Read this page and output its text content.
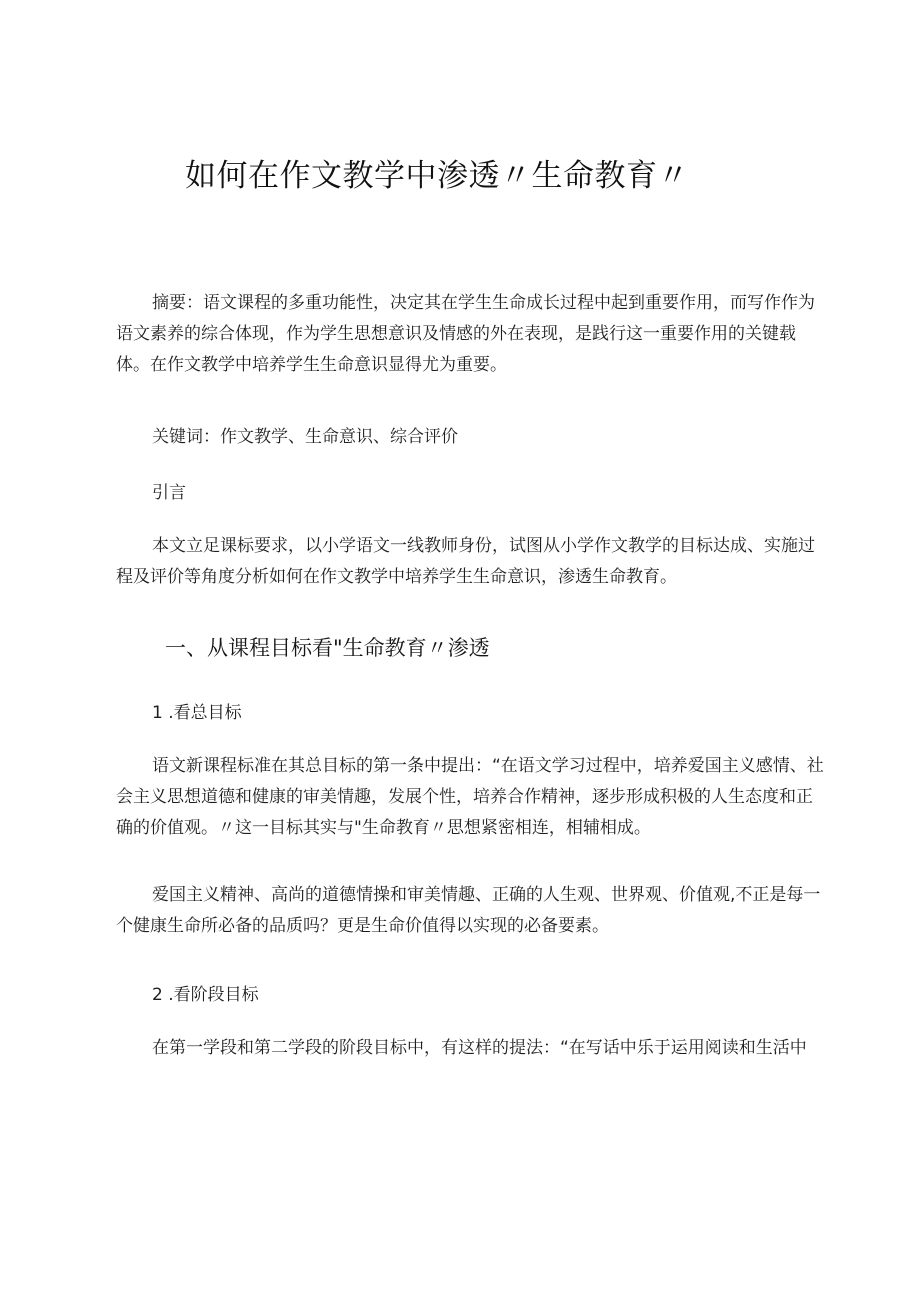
如何在作文教学中渗透〃生命教育〃

摘要：语文课程的多重功能性，决定其在学生生命成长过程中起到重要作用，而写作作为语文素养的综合体现，作为学生思想意识及情感的外在表现，是践行这一重要作用的关键载体。在作文教学中培养学生生命意识显得尤为重要。

关键词：作文教学、生命意识、综合评价
引言

本文立足课标要求，以小学语文一线教师身份，试图从小学作文教学的目标达成、实施过程及评价等角度分析如何在作文教学中培养学生生命意识，渗透生命教育。

一、从课程目标看"生命教育〃渗透
1 .看总目标

语文新课程标准在其总目标的第一条中提出：“在语文学习过程中，培养爱国主义感情、社会主义思想道德和健康的审美情趣，发展个性，培养合作精神，逐步形成积极的人生态度和正确的价值观。〃这一目标其实与"生命教育〃思想紧密相连，相辅相成。

爱国主义精神、高尚的道德情操和审美情趣、正确的人生观、世界观、价值观,不正是每一个健康生命所必备的品质吗？更是生命价值得以实现的必备要素。

2 .看阶段目标

在第一学段和第二学段的阶段目标中，有这样的提法：“在写话中乐于运用阅读和生活中
